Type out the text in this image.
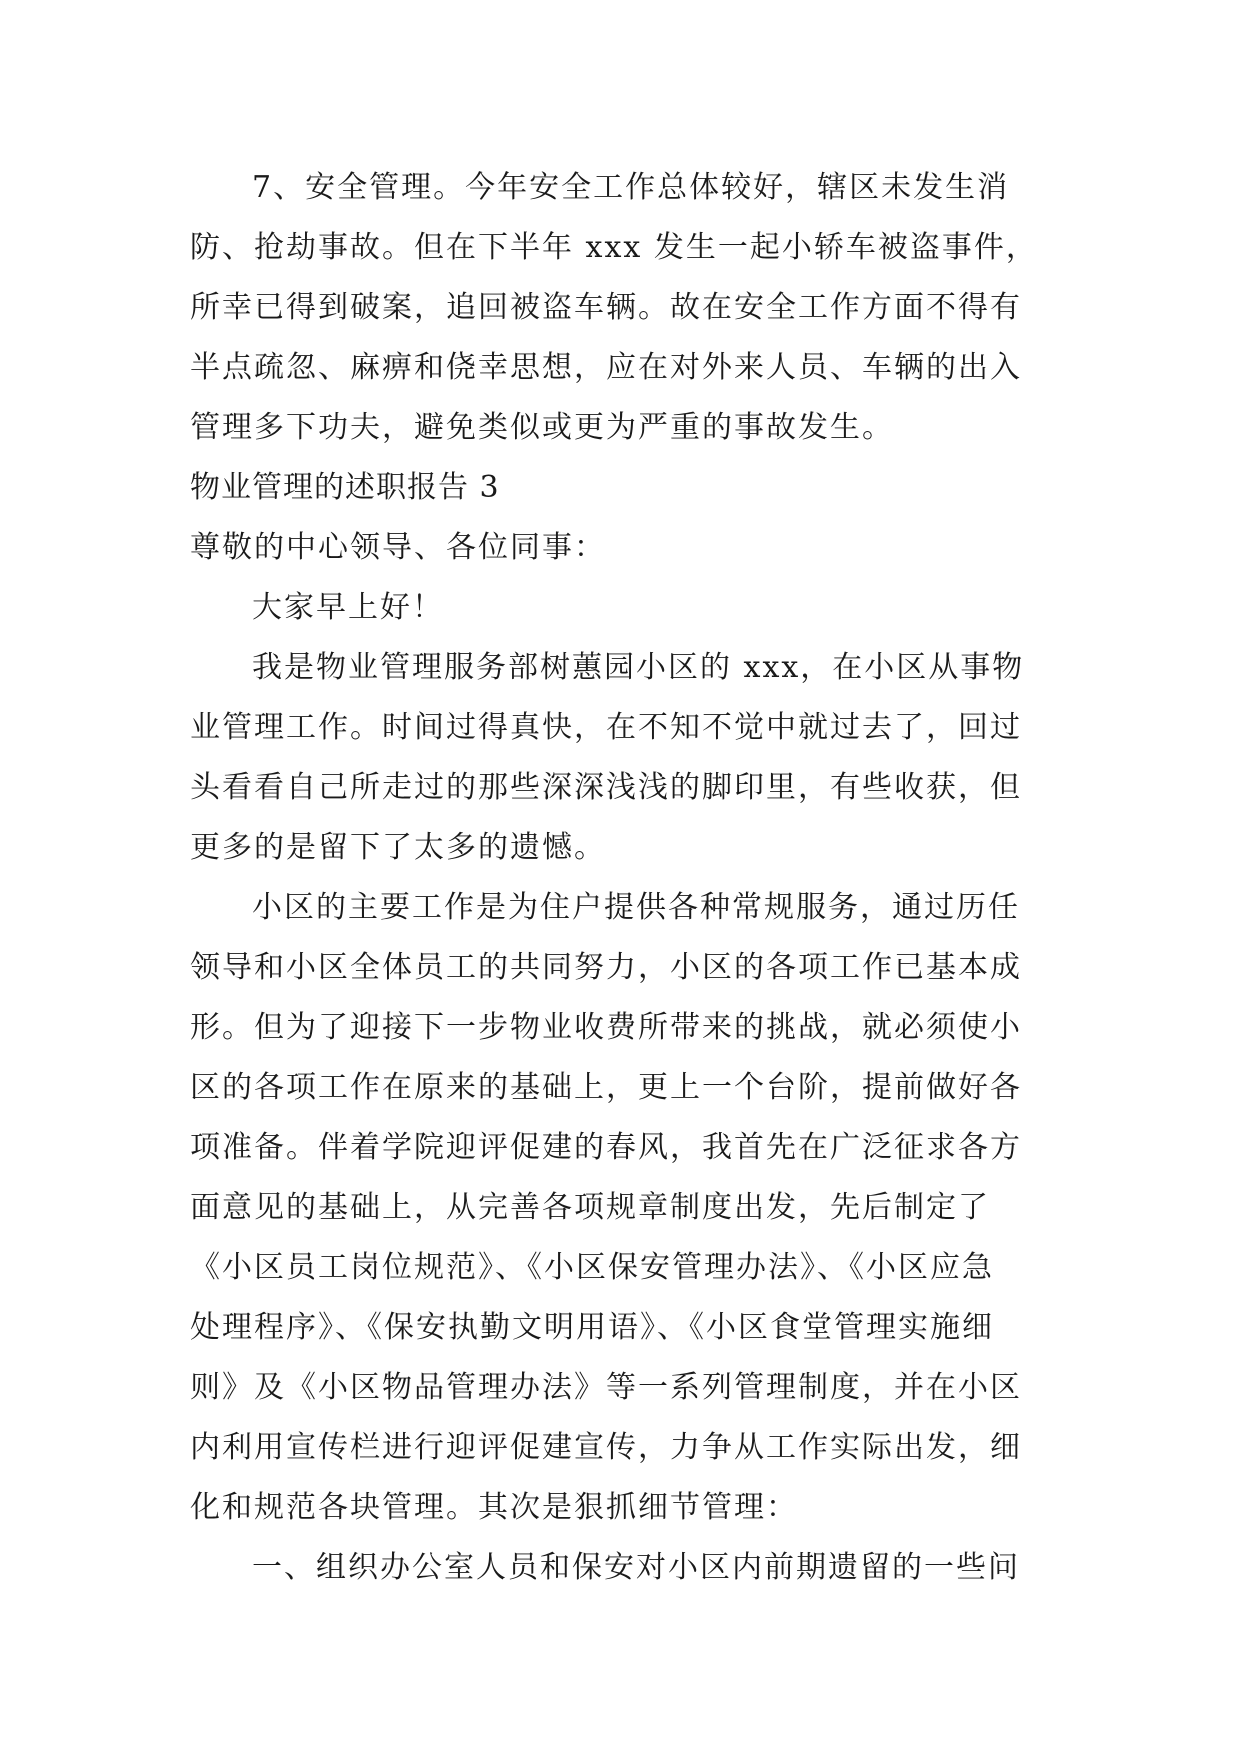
7、安全管理。今年安全工作总体较好，辖区未发生消
防、抢劫事故。但在下半年 xxx 发生一起小轿车被盗事件，
所幸已得到破案，追回被盗车辆。故在安全工作方面不得有
半点疏忽、麻痹和侥幸思想，应在对外来人员、车辆的出入
管理多下功夫，避免类似或更为严重的事故发生。
物业管理的述职报告 3
尊敬的中心领导、各位同事：
大家早上好！
我是物业管理服务部树蕙园小区的 xxx，在小区从事物
业管理工作。时间过得真快，在不知不觉中就过去了，回过
头看看自己所走过的那些深深浅浅的脚印里，有些收获，但
更多的是留下了太多的遗憾。
小区的主要工作是为住户提供各种常规服务，通过历任
领导和小区全体员工的共同努力，小区的各项工作已基本成
形。但为了迎接下一步物业收费所带来的挑战，就必须使小
区的各项工作在原来的基础上，更上一个台阶，提前做好各
项准备。伴着学院迎评促建的春风，我首先在广泛征求各方
面意见的基础上，从完善各项规章制度出发，先后制定了
《小区员工岗位规范》、《小区保安管理办法》、《小区应急
处理程序》、《保安执勤文明用语》、《小区食堂管理实施细
则》及《小区物品管理办法》等一系列管理制度，并在小区
内利用宣传栏进行迎评促建宣传，力争从工作实际出发，细
化和规范各块管理。其次是狠抓细节管理：
一、组织办公室人员和保安对小区内前期遗留的一些问
